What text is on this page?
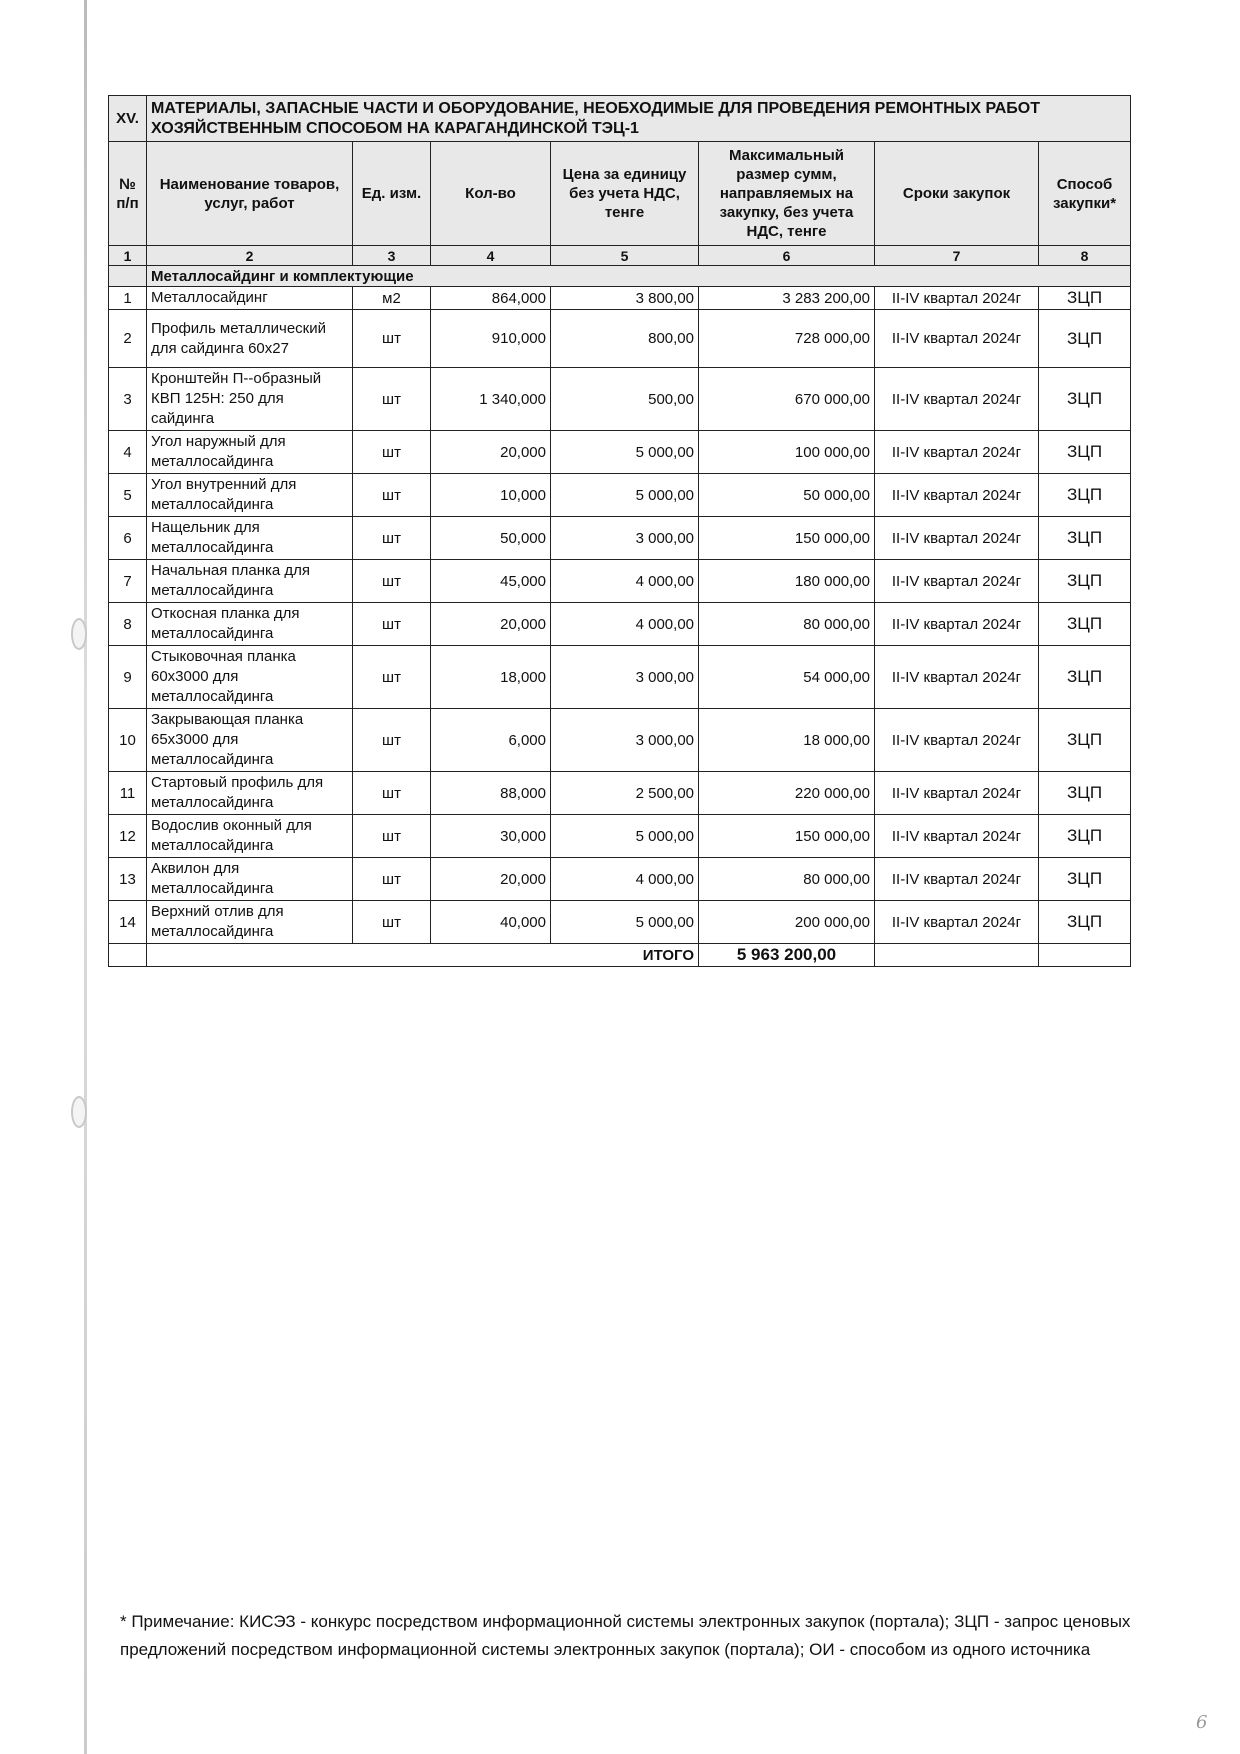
XV.	МАТЕРИАЛЫ, ЗАПАСНЫЕ ЧАСТИ И ОБОРУДОВАНИЕ, НЕОБХОДИМЫЕ ДЛЯ ПРОВЕДЕНИЯ РЕМОНТНЫХ РАБОТ ХОЗЯЙСТВЕННЫМ СПОСОБОМ НА КАРАГАНДИНСКОЙ ТЭЦ-1						
№ п/п	Наименование товаров, услуг, работ	Ед. изм.	Кол-во	Цена за единицу без учета НДС, тенге	Максимальный размер сумм, направляемых на закупку, без учета НДС, тенге	Сроки закупок	Способ закупки*
1	2	3	4	5	6	7	8
	Металлосайдинг и комплектующие						
1	Металлосайдинг	м2	864,000	3 800,00	3 283 200,00	II-IV квартал 2024г	ЗЦП
2	Профиль металлический для сайдинга 60х27	шт	910,000	800,00	728 000,00	II-IV квартал 2024г	ЗЦП
3	Кронштейн П--образный КВП 125Н: 250 для сайдинга	шт	1 340,000	500,00	670 000,00	II-IV квартал 2024г	ЗЦП
4	Угол наружный для металлосайдинга	шт	20,000	5 000,00	100 000,00	II-IV квартал 2024г	ЗЦП
5	Угол внутренний для металлосайдинга	шт	10,000	5 000,00	50 000,00	II-IV квартал 2024г	ЗЦП
6	Нащельник для металлосайдинга	шт	50,000	3 000,00	150 000,00	II-IV квартал 2024г	ЗЦП
7	Начальная планка для металлосайдинга	шт	45,000	4 000,00	180 000,00	II-IV квартал 2024г	ЗЦП
8	Откосная планка для металлосайдинга	шт	20,000	4 000,00	80 000,00	II-IV квартал 2024г	ЗЦП
9	Стыковочная планка 60х3000 для металлосайдинга	шт	18,000	3 000,00	54 000,00	II-IV квартал 2024г	ЗЦП
10	Закрывающая планка 65х3000 для металлосайдинга	шт	6,000	3 000,00	18 000,00	II-IV квартал 2024г	ЗЦП
11	Стартовый профиль для металлосайдинга	шт	88,000	2 500,00	220 000,00	II-IV квартал 2024г	ЗЦП
12	Водослив оконный для металлосайдинга	шт	30,000	5 000,00	150 000,00	II-IV квартал 2024г	ЗЦП
13	Аквилон для металлосайдинга	шт	20,000	4 000,00	80 000,00	II-IV квартал 2024г	ЗЦП
14	Верхний отлив для металлосайдинга	шт	40,000	5 000,00	200 000,00	II-IV квартал 2024г	ЗЦП
	ИТОГО				5 963 200,00		
* Примечание: КИСЭЗ - конкурс посредством информационной системы электронных закупок (портала); ЗЦП - запрос ценовых предложений посредством информационной системы электронных закупок (портала); ОИ - способом из одного источника
6
